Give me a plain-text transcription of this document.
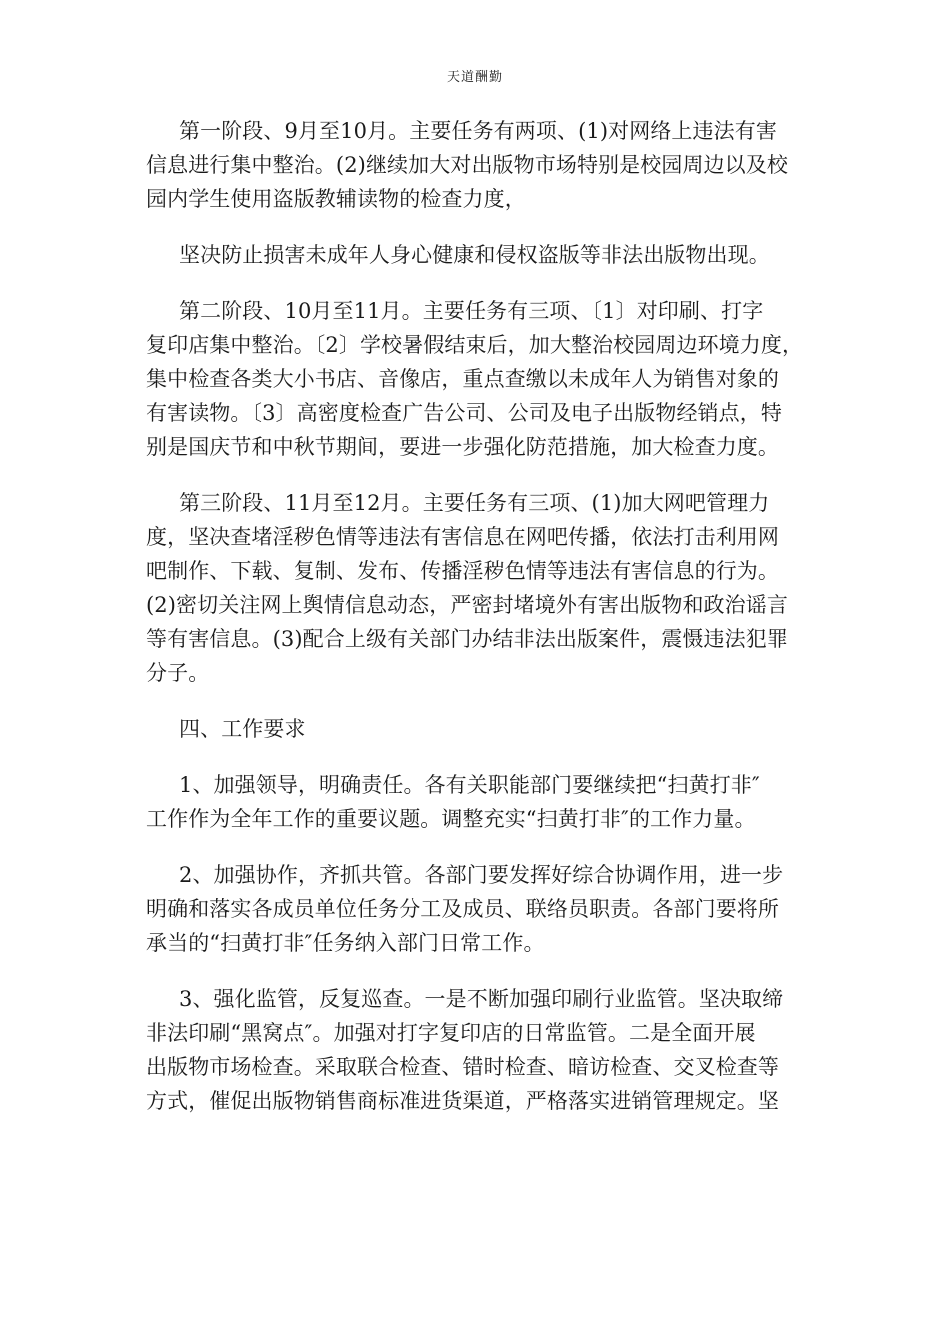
天道酬勤

第一阶段、9月至10月。主要任务有两项、(1)对网络上违法有害
信息进行集中整治。(2)继续加大对出版物市场特别是校园周边以及校
园内学生使用盗版教辅读物的检查力度，

坚决防止损害未成年人身心健康和侵权盗版等非法出版物出现。

第二阶段、10月至11月。主要任务有三项、〔1〕对印刷、打字
复印店集中整治。〔2〕学校暑假结束后，加大整治校园周边环境力度，
集中检查各类大小书店、音像店，重点查缴以未成年人为销售对象的
有害读物。〔3〕高密度检查广告公司、公司及电子出版物经销点，特
别是国庆节和中秋节期间，要进一步强化防范措施，加大检查力度。

第三阶段、11月至12月。主要任务有三项、(1)加大网吧管理力
度，坚决查堵淫秽色情等违法有害信息在网吧传播，依法打击利用网
吧制作、下载、复制、发布、传播淫秽色情等违法有害信息的行为。
(2)密切关注网上舆情信息动态，严密封堵境外有害出版物和政治谣言
等有害信息。(3)配合上级有关部门办结非法出版案件，震慑违法犯罪
分子。

四、工作要求

1、加强领导，明确责任。各有关职能部门要继续把“扫黄打非″
工作作为全年工作的重要议题。调整充实“扫黄打非″的工作力量。

2、加强协作，齐抓共管。各部门要发挥好综合协调作用，进一步
明确和落实各成员单位任务分工及成员、联络员职责。各部门要将所
承当的“扫黄打非″任务纳入部门日常工作。

3、强化监管，反复巡查。一是不断加强印刷行业监管。坚决取缔
非法印刷“黑窝点″。加强对打字复印店的日常监管。二是全面开展
出版物市场检查。采取联合检查、错时检查、暗访检查、交叉检查等
方式，催促出版物销售商标准进货渠道，严格落实进销管理规定。坚
